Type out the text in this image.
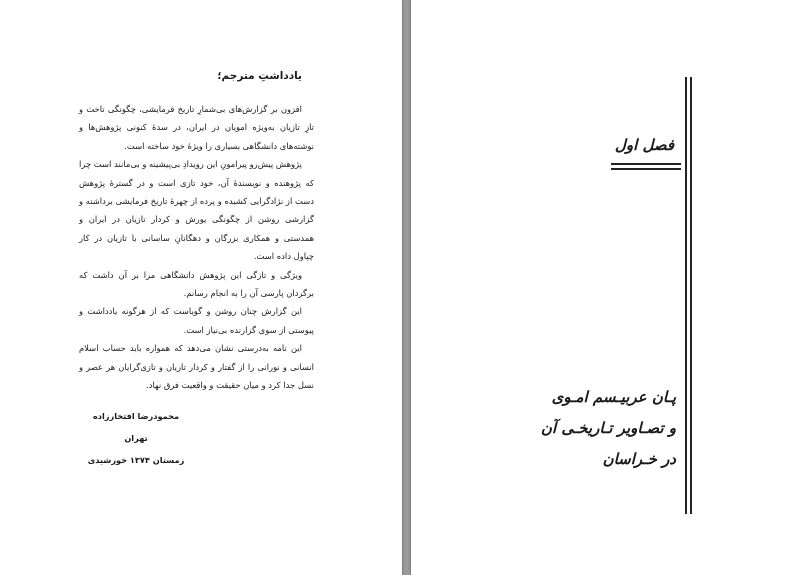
یادداشتِ مترجم؛

افزون بر گزارش‌های بی‌شمارِ تاریخ فرمایشی، چگونگی تاخت و تازِ تازیان به‌ویژه امویان در ایران، در سدهٔ کنونی پژوهش‌ها و نوشته‌های دانشگاهی بسیاری را ویژهٔ خود ساخته است.

پژوهش پیش‌رو پیرامونِ این رویدادِ بی‌پیشینه و بی‌مانند است چرا که پژوهنده و نویسندهٔ آن، خود تازی است و در گسترهٔ پژوهش دست از نژادگرایی کشیده و پرده از چهرهٔ تاریخ فرمایشی برداشته و گزارشی روشن از چگونگی یورش و کردار تازیان در ایران و همدستی و همکاری بزرگان و دهگانانِ ساسانی با تازیان در کار چپاول داده است.

ویژگی و تازگی این پژوهش دانشگاهی مرا بر آن داشت که برگردان پارسی آن را به انجام رسانم.

این گزارش چنان روشن و گویاست که از هرگونه یادداشت و پیوستی از سوی گزارنده بی‌نیاز است.

این نامه به‌درستی نشان می‌دهد که همواره باید حساب اسلام انسانی و نورانی را از گفتار و کردار تازیان و تازی‌گرایان هر عصر و نسل جدا کرد و میان حقیقت و واقعیت فرق نهاد.

محمودرضا افتخارزاده
تهران
زمستان ۱۳۷۴ خورشیدی
فصل اول
پـان عربیـسم امـوی
و تصـاویر تـاریخـی آن
در خـراسان
